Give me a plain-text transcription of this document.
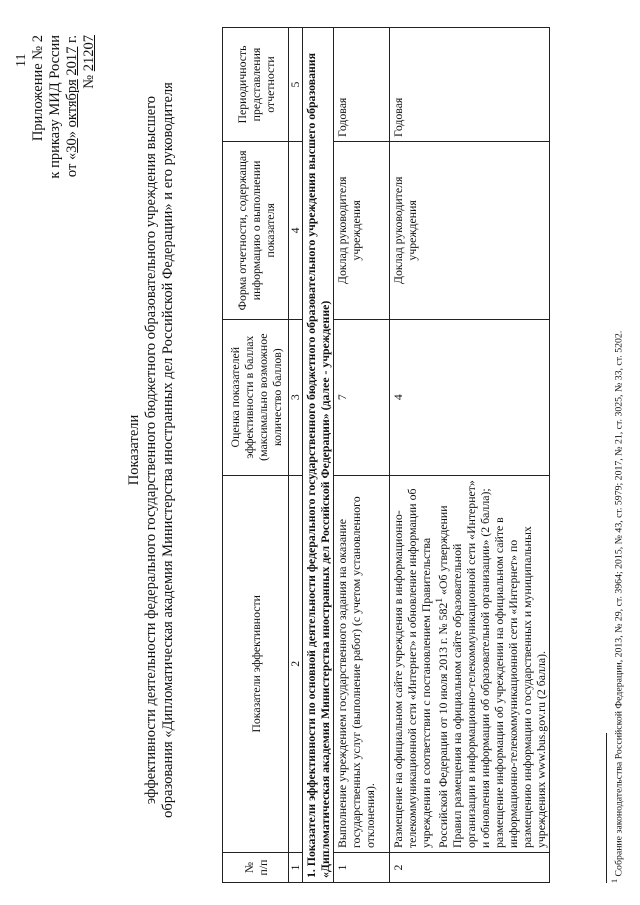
11 Приложение № 2 к приказу МИД России от «30» октября 2017 г.
№ 21207
Показатели эффективности деятельности федерального государственного бюджетного образовательного учреждения высшего образования «Дипломатическая академия Министерства иностранных дел Российской Федерации» и его руководителя
№ п/п	Показатели эффективности	Оценка показателей эффективности в баллах (максимально возможное количество баллов)	Форма отчетности, содержащая информацию о выполнении показателя	Периодичность представления отчетности
1	2	3	4	5
1. Показатели эффективности по основной деятельности федерального государственного бюджетного образовательного учреждения высшего образования «Дипломатическая академия Министерства иностранных дел Российской Федерации» (далее - учреждение)				
1	Выполнение учреждением государственного задания на оказание государственных услуг (выполнение работ) (с учетом установленного отклонения).	7	Доклад руководителя учреждения	Годовая
2	Размещение на официальном сайте учреждения в информационно-телекоммуникационной сети «Интернет» и обновление информации об учреждении в соответствии с постановлением Правительства Российской Федерации от 10 июля 2013 г. № $582^1$ «Об утверждении Правил размещения на официальном сайте образовательной организации в информационно-телекоммуникационной сети «Интернет» и обновления информации об образовательной организации» (2 балла); размещение информации об учреждении на официальном сайте в информационно-телекоммуникационной сети «Интернет» по размещению информации о государственных и муниципальных учреждениях www.bus.gov.ru (2 балла).	4	Доклад руководителя учреждения	Годовая
$^1$ Собрание законодательства Российской Федерации, 2013, № 29, ст. 3964; 2015, № 43, ст. 5979; 2017, № 21, ст. 3025, № 33, ст. 5202.
